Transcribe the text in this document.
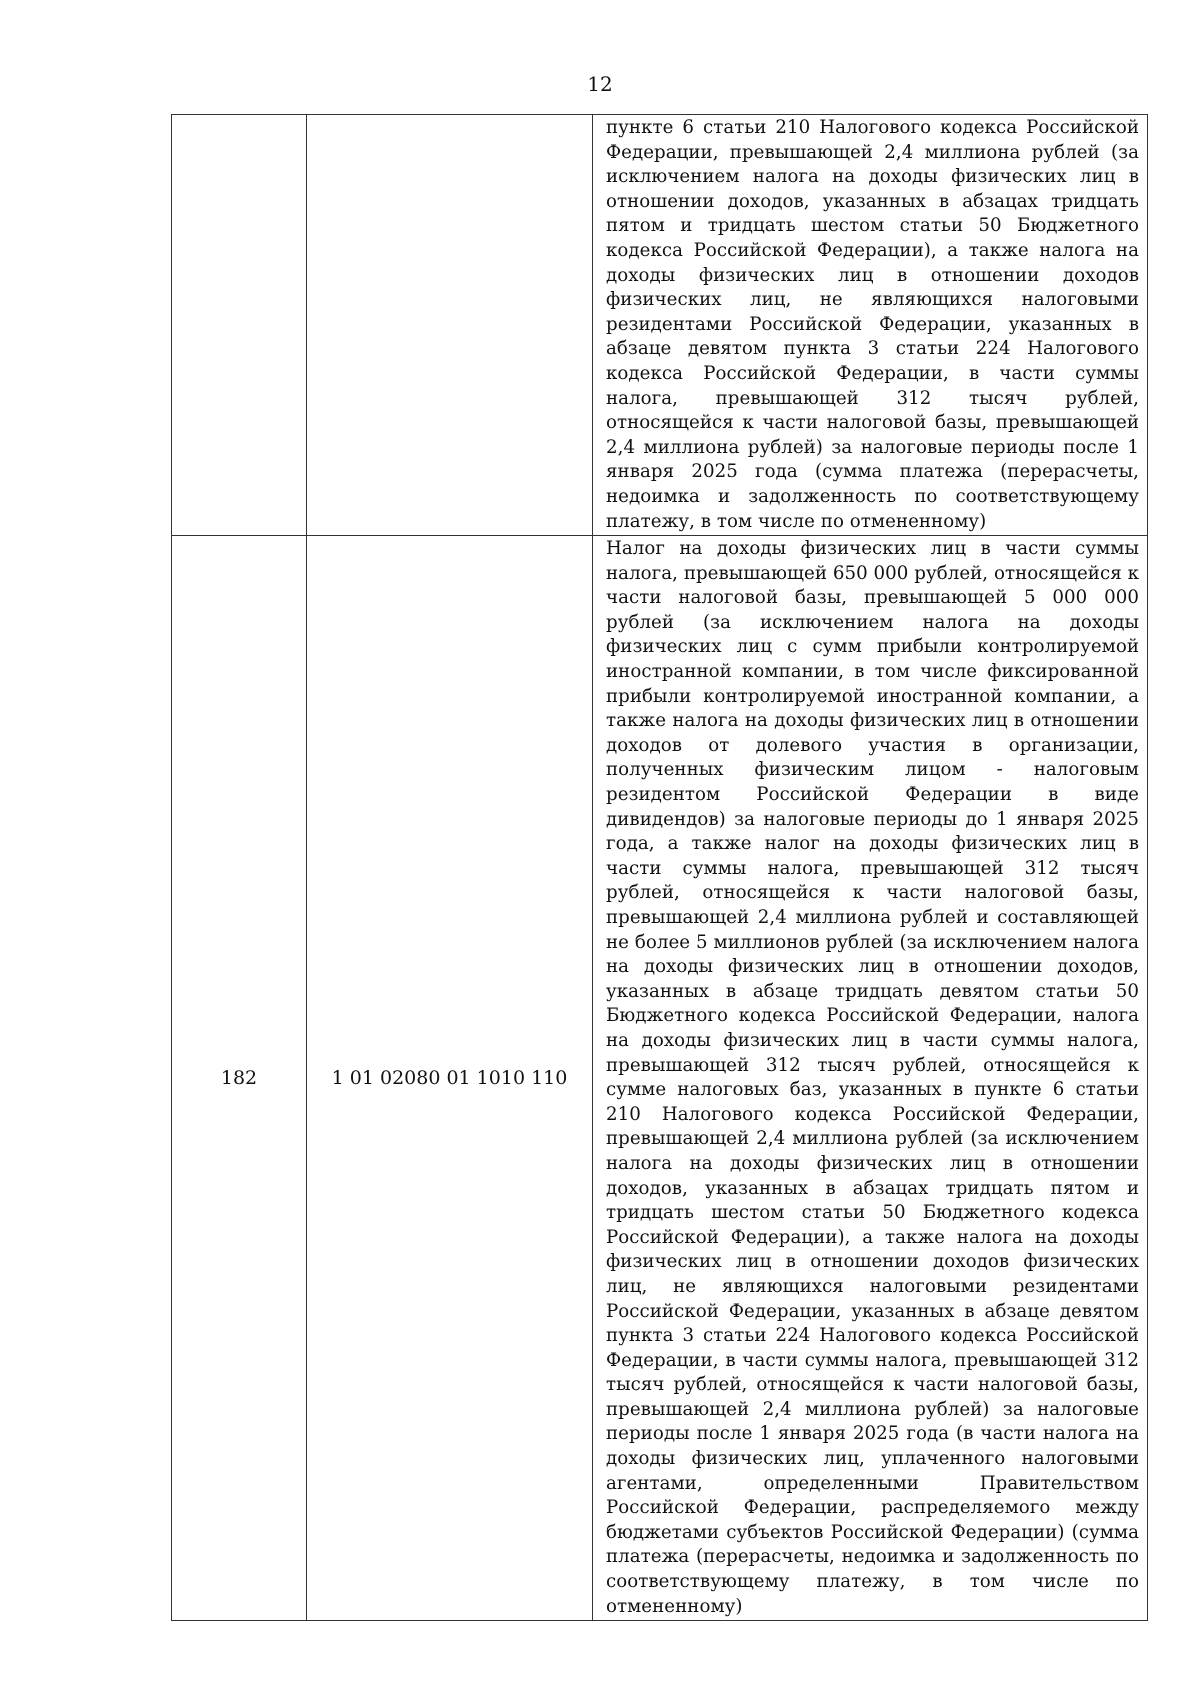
12

		пункте 6 статьи 210 Налогового кодекса Российской Федерации, превышающей 2,4 миллиона рублей (за исключением налога на доходы физических лиц в отношении доходов, указанных в абзацах тридцать пятом и тридцать шестом статьи 50 Бюджетного кодекса Российской Федерации), а также налога на доходы физических лиц в отношении доходов физических лиц, не являющихся налоговыми резидентами Российской Федерации, указанных в абзаце девятом пункта 3 статьи 224 Налогового кодекса Российской Федерации, в части суммы налога, превышающей 312 тысяч рублей, относящейся к части налоговой базы, превышающей 2,4 миллиона рублей) за налоговые периоды после 1 января 2025 года (сумма платежа (перерасчеты, недоимка и задолженность по соответствующему платежу, в том числе по отмененному)

182	1 01 02080 01 1010 110	Налог на доходы физических лиц в части суммы налога, превышающей 650 000 рублей, относящейся к части налоговой базы, превышающей 5 000 000 рублей (за исключением налога на доходы физических лиц с сумм прибыли контролируемой иностранной компании, в том числе фиксированной прибыли контролируемой иностранной компании, а также налога на доходы физических лиц в отношении доходов от долевого участия в организации, полученных физическим лицом - налоговым резидентом Российской Федерации в виде дивидендов) за налоговые периоды до 1 января 2025 года, а также налог на доходы физических лиц в части суммы налога, превышающей 312 тысяч рублей, относящейся к части налоговой базы, превышающей 2,4 миллиона рублей и составляющей не более 5 миллионов рублей (за исключением налога на доходы физических лиц в отношении доходов, указанных в абзаце тридцать девятом статьи 50 Бюджетного кодекса Российской Федерации, налога на доходы физических лиц в части суммы налога, превышающей 312 тысяч рублей, относящейся к сумме налоговых баз, указанных в пункте 6 статьи 210 Налогового кодекса Российской Федерации, превышающей 2,4 миллиона рублей (за исключением налога на доходы физических лиц в отношении доходов, указанных в абзацах тридцать пятом и тридцать шестом статьи 50 Бюджетного кодекса Российской Федерации), а также налога на доходы физических лиц в отношении доходов физических лиц, не являющихся налоговыми резидентами Российской Федерации, указанных в абзаце девятом пункта 3 статьи 224 Налогового кодекса Российской Федерации, в части суммы налога, превышающей 312 тысяч рублей, относящейся к части налоговой базы, превышающей 2,4 миллиона рублей) за налоговые периоды после 1 января 2025 года (в части налога на доходы физических лиц, уплаченного налоговыми агентами, определенными Правительством Российской Федерации, распределяемого между бюджетами субъектов Российской Федерации) (сумма платежа (перерасчеты, недоимка и задолженность по соответствующему платежу, в том числе по отмененному)
